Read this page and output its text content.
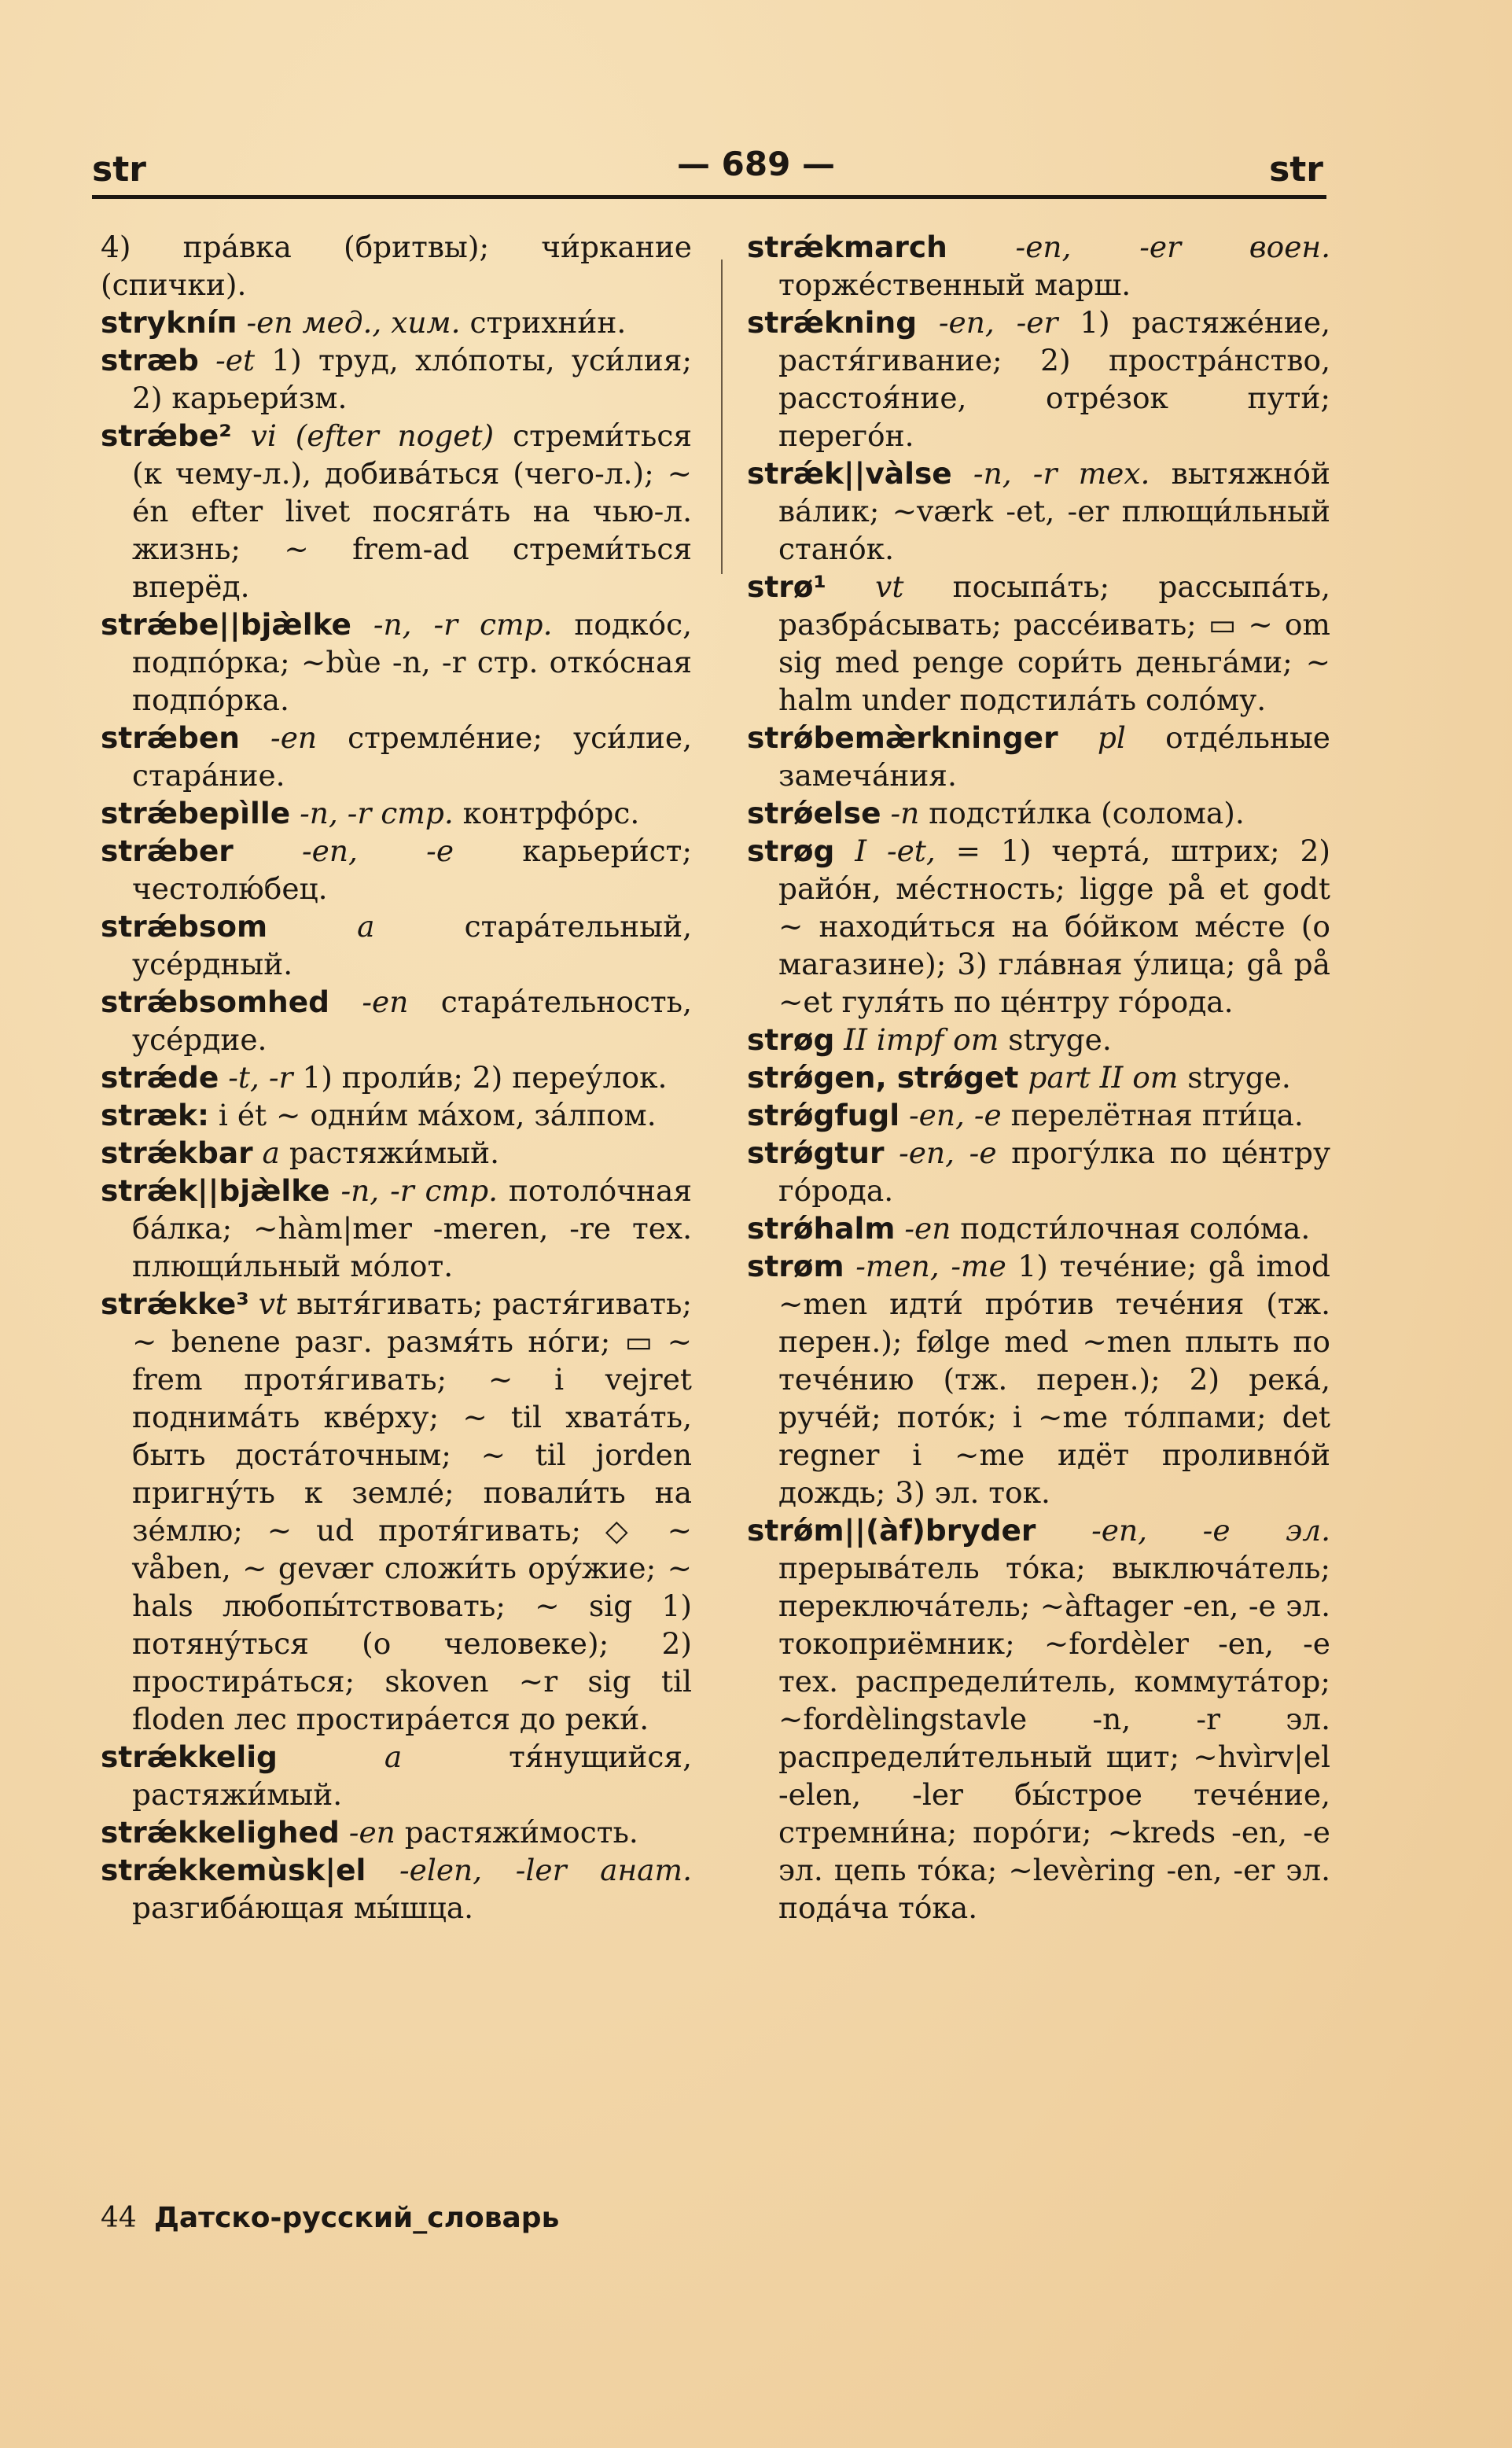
str	— 689 —	str

4) пра́вка (бритвы); чи́ркание (спички).

strykníп -еп мед., хим. стрихни́н.

stræb -et 1) труд, хло́поты, уси́лия; 2) карьери́зм.

strǽbe² vi (efter noget) стреми́ться (к чему-л.), добива́ться (чего-л.); ~ én efter livet посяга́ть на чью-л. жизнь; ~ frem-ad стреми́ться вперёд.

strǽbe||bjæ̀lke -n, -r стр. подко́с, подпо́рка; ~bùe -n, -r стр. отко́сная подпо́рка.

strǽben -еп стремле́ние; уси́лие, стара́ние.

strǽbepìlle -n, -r стр. контрфо́рс.

strǽber -en, -е карьери́ст; честолю́бец.

strǽbsom	а	стара́тельный, усе́рдный.

strǽbsomhed -en стара́тельность, усе́рдие.

strǽde -t, -r 1) проли́в; 2) переу́лок.

stræk: i ét ~ одни́м ма́хом, за́лпом.

strǽkbar а растяжи́мый.

strǽk||bjæ̀lke -n, -r стр. потоло́чная ба́лка; ~hàm|mer -meren, -re тех. плющи́льный мо́лот.

strǽkke³ vt вытя́гивать; растя́гивать; ~ benene разг. размя́ть но́ги; ▭ ~ frem протя́гивать; ~ i vejret поднима́ть квéрху; ~ til хвата́ть, быть доста́точным; ~ til jorden пригну́ть к земле́; повали́ть на зе́млю; ~ ud протя́гивать; ◇ ~ våben, ~ gevær сложи́ть ору́жие; ~ hals любопы́тствовать; ~ sig 1) потяну́ться (о человеке); 2) простира́ться; skoven ~r sig til floden лес простира́ется до реки́.

strǽkkelig	а	тя́нущийся, растяжи́мый.

strǽkkelighed -en растяжи́мость.

strǽkkemùsk|el -elen, -ler анат. разгиба́ющая мы́шца.

strǽkmarch -en, -er воен. торже́ственный марш.

strǽkning -en, -er 1) растяже́ние, растя́гивание; 2) простра́нство, расстоя́ние, отре́зок пути́; перего́н.

strǽk||vàlse -n, -r тех. вытяжно́й ва́лик; ~værk -et, -er плющи́льный стано́к.

strø¹ vt посыпа́ть; рассыпа́ть, разбра́сывать; рассе́ивать; ▭ ~ om sig med penge сори́ть деньга́ми; ~ halm under подстила́ть соло́му.

strǿbemæ̀rkninger pl отде́льные замеча́ния.

strǿelse -n подсти́лка (солома).

strøg I -et, = 1) черта́, штрих; 2) райо́н, ме́стность; ligge på et godt ~ находи́ться на бо́йком ме́сте (о магазине); 3) гла́вная у́лица; gå på ~et гуля́ть по це́нтру го́рода.

strøg II impf om stryge.

strǿgen, strǿget part II om stryge.

strǿgfugl -en, -е перелётная пти́ца.

strǿgtur -en, -е прогу́лка по це́нтру го́рода.

strǿhalm -еп подсти́лочная соло́ма.

strøm -men, -me 1) тече́ние; gå imod ~men идти́ про́тив тече́ния (тж. перен.); følge med ~men плыть по тече́нию (тж. перен.); 2) река́, руче́й; пото́к; i ~me то́лпами; det regner i ~me идёт проливно́й дождь; 3) эл. ток.

strǿm||(àf)bryder -en, -е эл. прерыва́тель то́ка; выключа́тель; переключа́тель; ~àftager -en, -е эл. токоприёмник; ~fordèler -en, -е тех. распредели́тель, коммута́тор; ~fordèlingstavle -n, -r эл. распредели́тельный щит; ~hvìrv|el -elen, -ler бы́строе тече́ние, стремни́на; поро́ги; ~kreds -en, -е эл. цепь то́ка; ~levèring -en, -er эл. пода́ча то́ка.

44 Датско-русский_словарь
